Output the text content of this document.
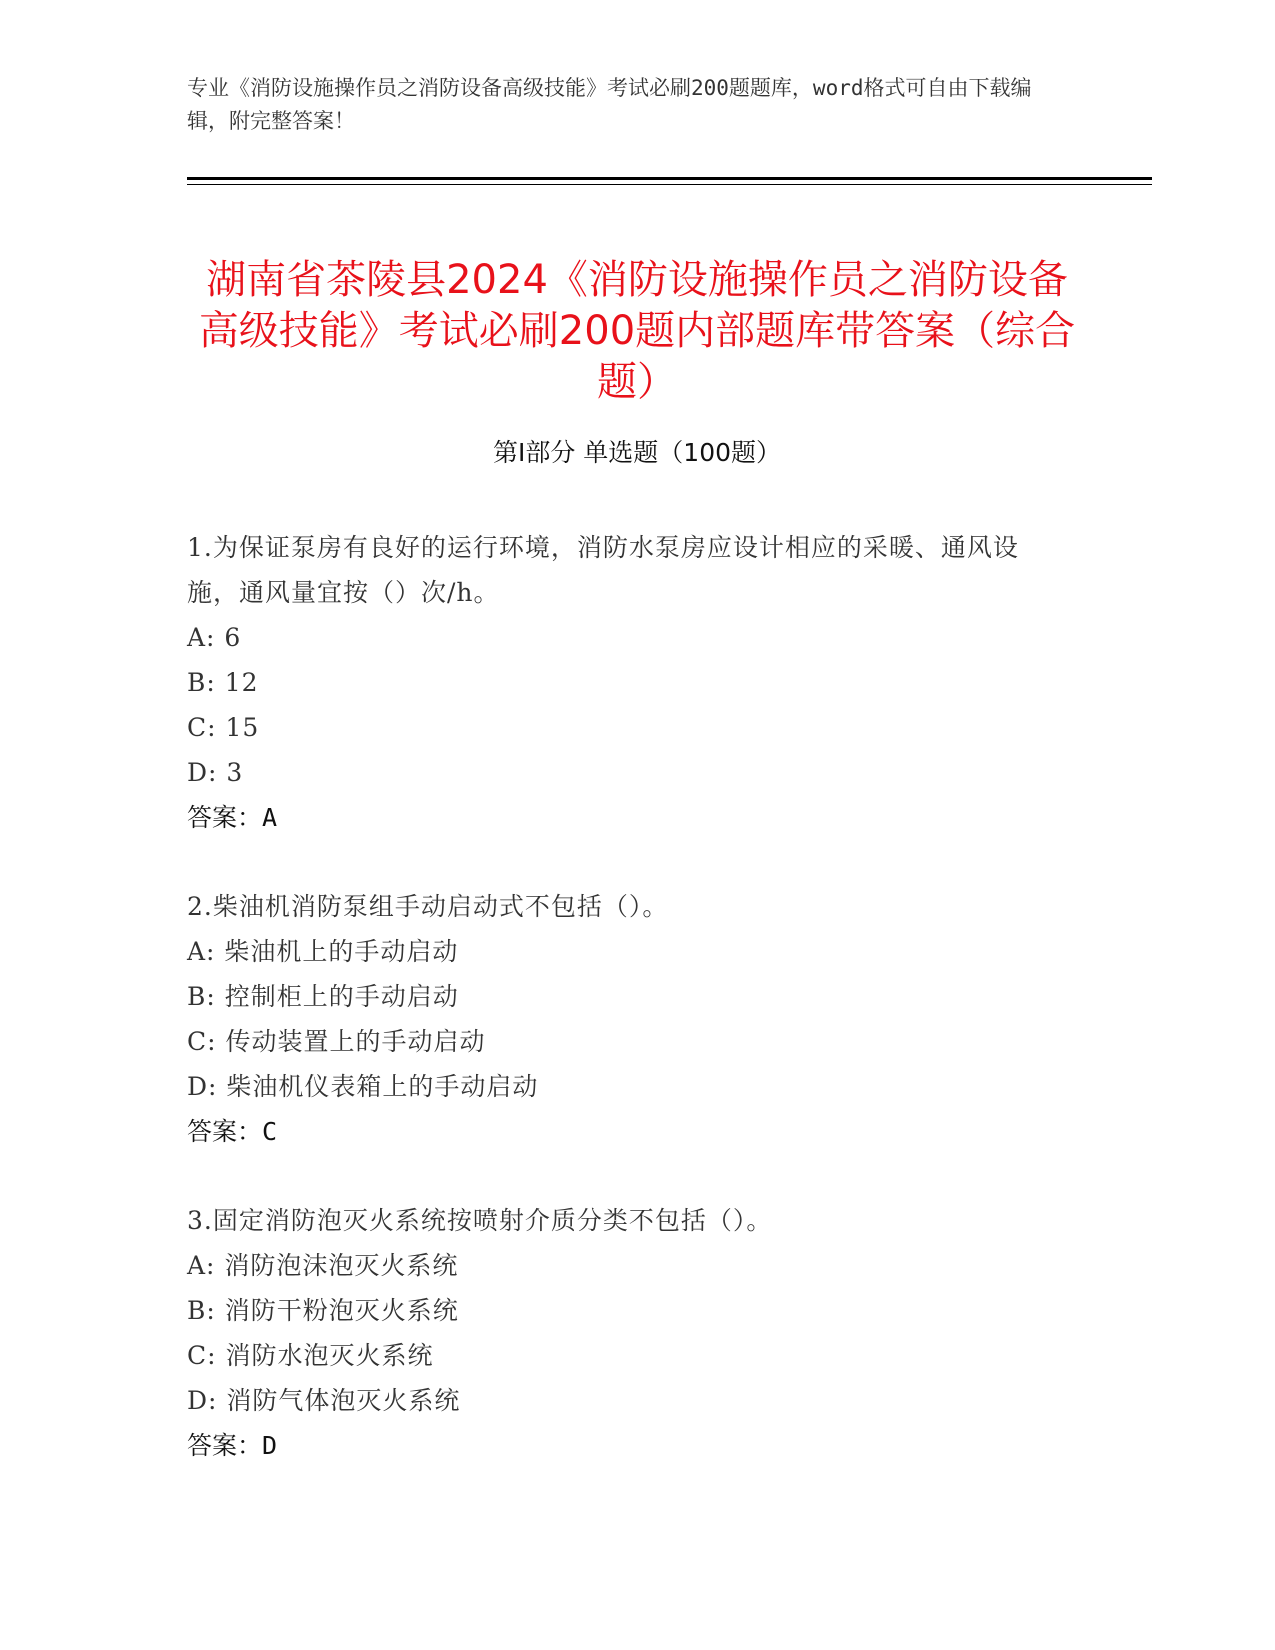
专业《消防设施操作员之消防设备高级技能》考试必刷200题题库，word格式可自由下载编辑，附完整答案！
湖南省茶陵县2024《消防设施操作员之消防设备高级技能》考试必刷200题内部题库带答案（综合题）
第Ⅰ部分 单选题（100题）

1.为保证泵房有良好的运行环境，消防水泵房应设计相应的采暖、通风设施，通风量宜按（）次/h。

A: 6

B: 12

C: 15

D: 3

答案：A

2.柴油机消防泵组手动启动式不包括（）。

A: 柴油机上的手动启动

B: 控制柜上的手动启动

C: 传动装置上的手动启动

D: 柴油机仪表箱上的手动启动

答案：C

3.固定消防泡灭火系统按喷射介质分类不包括（）。

A: 消防泡沫泡灭火系统

B: 消防干粉泡灭火系统

C: 消防水泡灭火系统

D: 消防气体泡灭火系统

答案：D
